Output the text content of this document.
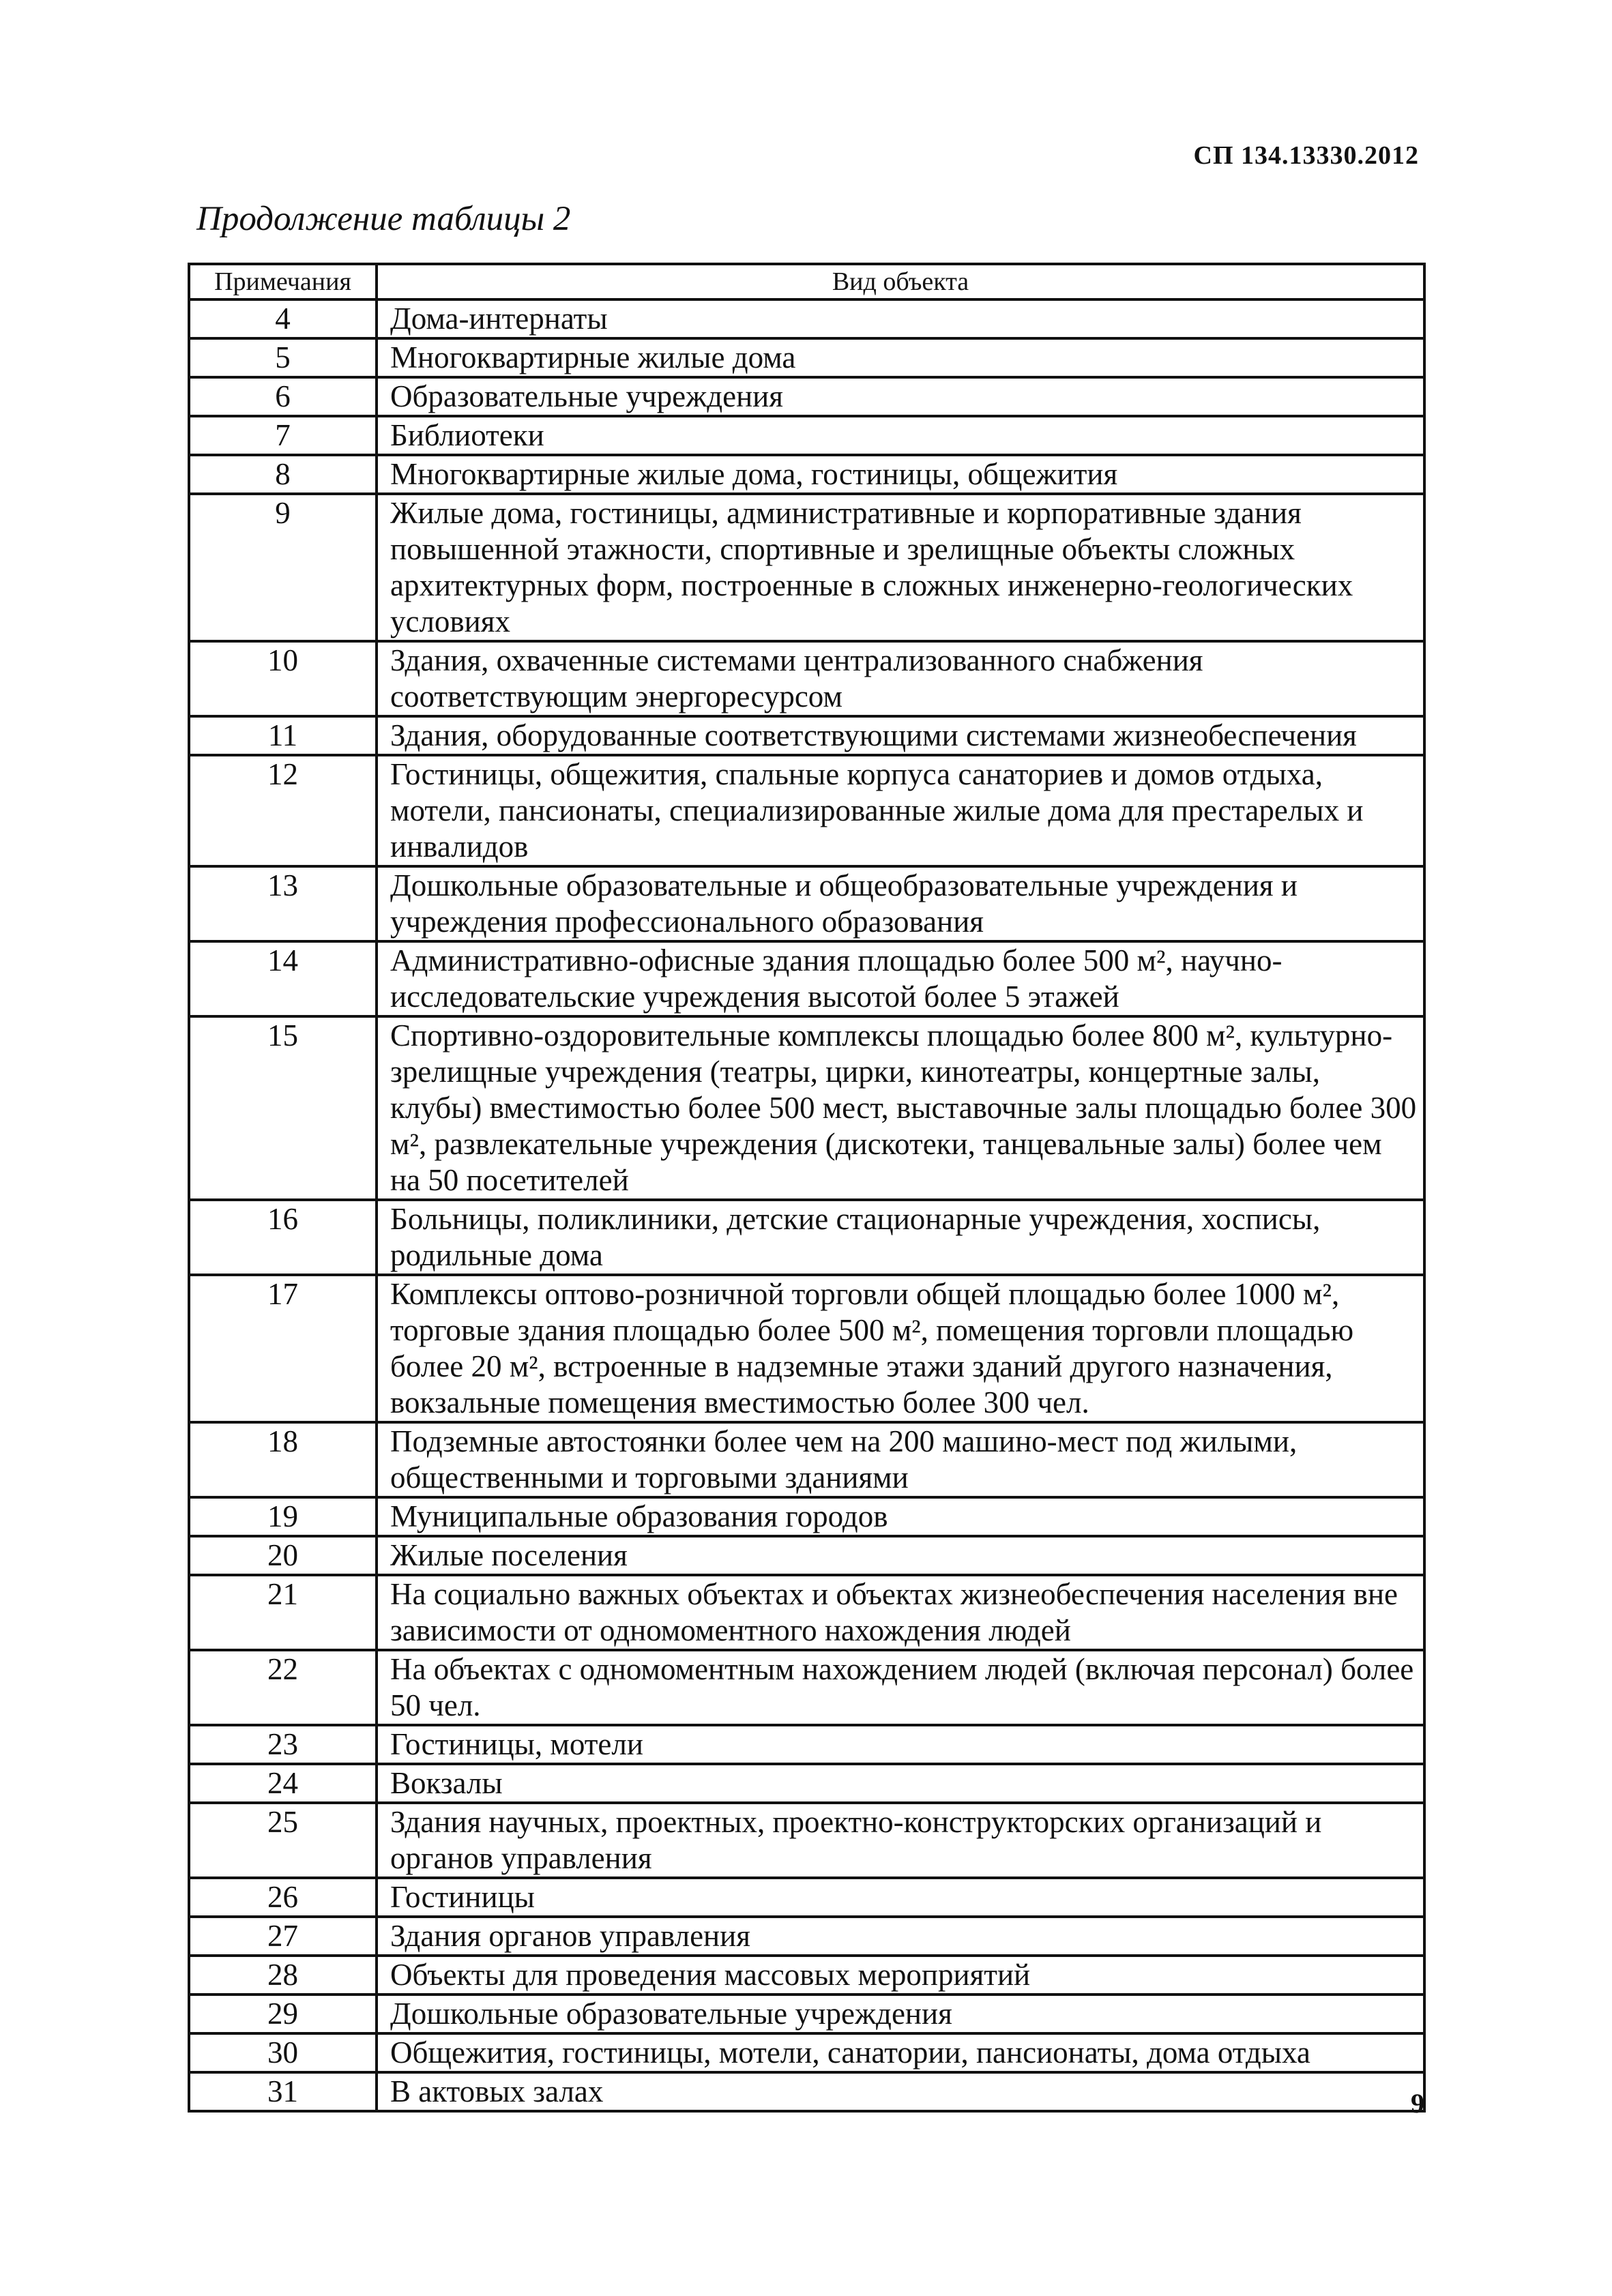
СП 134.13330.2012
Продолжение таблицы 2
Примечания	Вид объекта
4	Дома-интернаты
5	Многоквартирные жилые дома
6	Образовательные учреждения
7	Библиотеки
8	Многоквартирные жилые дома, гостиницы, общежития
9	Жилые дома, гостиницы, административные и корпоративные здания повышенной этажности, спортивные и зрелищные объекты сложных архитектурных форм, построенные в сложных инженерно-геологических условиях
10	Здания, охваченные системами централизованного снабжения соответствующим энергоресурсом
11	Здания, оборудованные соответствующими системами жизнеобеспечения
12	Гостиницы, общежития, спальные корпуса санаториев и домов отдыха, мотели, пансионаты, специализированные жилые дома для престарелых и инвалидов
13	Дошкольные образовательные и общеобразовательные учреждения и учреждения профессионального образования
14	Административно-офисные здания площадью более 500 м², научно-исследовательские учреждения высотой более 5 этажей
15	Спортивно-оздоровительные комплексы площадью более 800 м², культурно-зрелищные учреждения (театры, цирки, кинотеатры, концертные залы, клубы) вместимостью более 500 мест, выставочные залы площадью более 300 м², развлекательные учреждения (дискотеки, танцевальные залы) более чем на 50 посетителей
16	Больницы, поликлиники, детские стационарные учреждения, хосписы, родильные дома
17	Комплексы оптово-розничной торговли общей площадью более 1000 м², торговые здания площадью более 500 м², помещения торговли площадью более 20 м², встроенные в надземные этажи зданий другого назначения, вокзальные помещения вместимостью более 300 чел.
18	Подземные автостоянки более чем на 200 машино-мест под жилыми, общественными и торговыми зданиями
19	Муниципальные образования городов
20	Жилые поселения
21	На социально важных объектах и объектах жизнеобеспечения населения вне зависимости от одномоментного нахождения людей
22	На объектах с одномоментным нахождением людей (включая персонал) более 50 чел.
23	Гостиницы, мотели
24	Вокзалы
25	Здания научных, проектных, проектно-конструкторских организаций и органов управления
26	Гостиницы
27	Здания органов управления
28	Объекты для проведения массовых мероприятий
29	Дошкольные образовательные учреждения
30	Общежития, гостиницы, мотели, санатории, пансионаты, дома отдыха
31	В актовых залах	9
